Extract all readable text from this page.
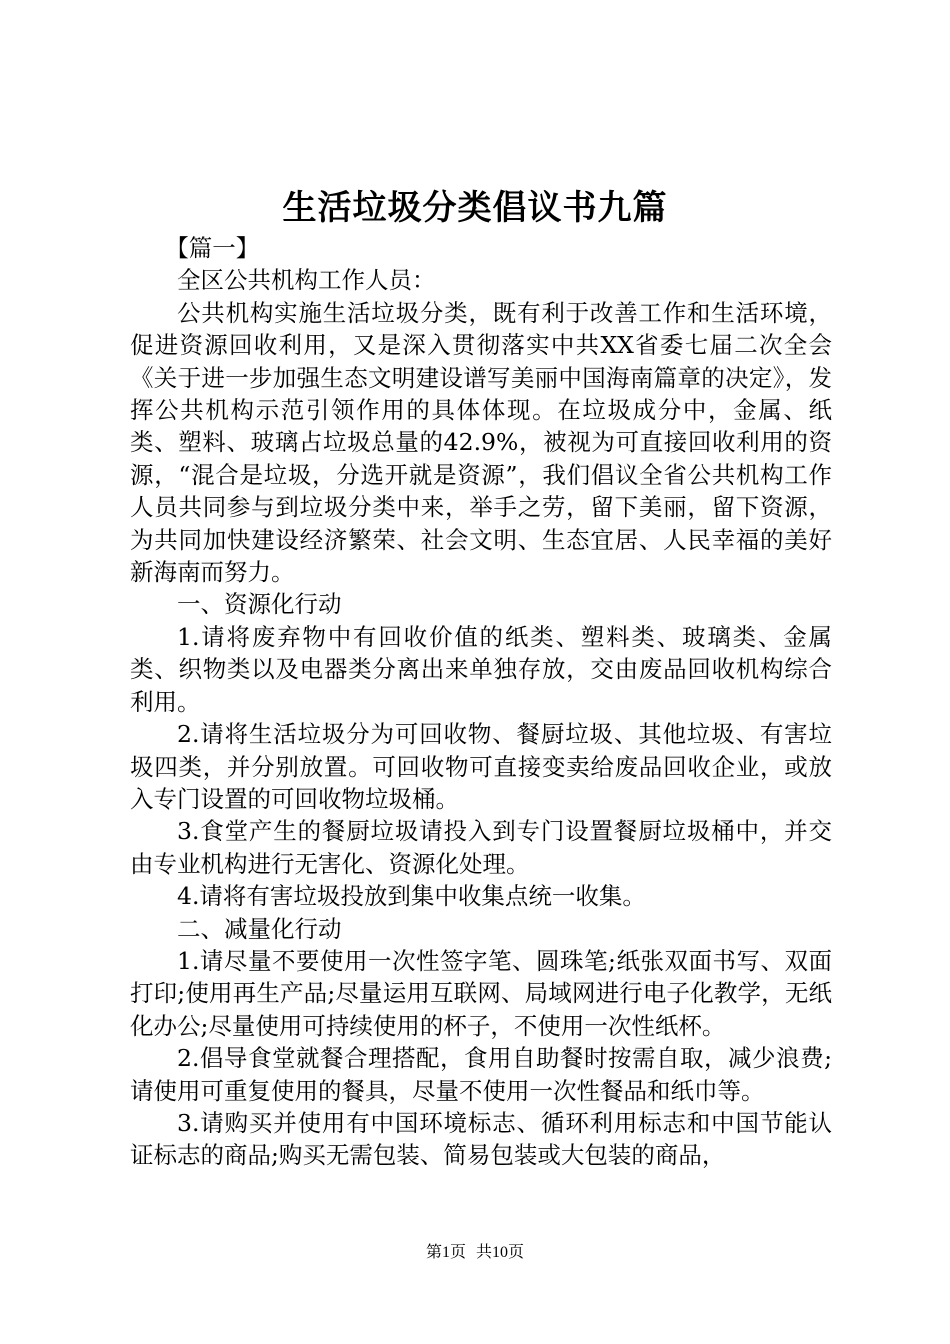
生活垃圾分类倡议书九篇

【篇一】

全区公共机构工作人员：

公共机构实施生活垃圾分类，既有利于改善工作和生活环境，促进资源回收利用，又是深入贯彻落实中共XX省委七届二次全会《关于进一步加强生态文明建设谱写美丽中国海南篇章的决定》，发挥公共机构示范引领作用的具体体现。在垃圾成分中，金属、纸类、塑料、玻璃占垃圾总量的42.9%，被视为可直接回收利用的资源，“混合是垃圾，分选开就是资源”，我们倡议全省公共机构工作人员共同参与到垃圾分类中来，举手之劳，留下美丽，留下资源，为共同加快建设经济繁荣、社会文明、生态宜居、人民幸福的美好新海南而努力。

一、资源化行动

1.请将废弃物中有回收价值的纸类、塑料类、玻璃类、金属类、织物类以及电器类分离出来单独存放，交由废品回收机构综合利用。

2.请将生活垃圾分为可回收物、餐厨垃圾、其他垃圾、有害垃圾四类，并分别放置。可回收物可直接变卖给废品回收企业，或放入专门设置的可回收物垃圾桶。

3.食堂产生的餐厨垃圾请投入到专门设置餐厨垃圾桶中，并交由专业机构进行无害化、资源化处理。

4.请将有害垃圾投放到集中收集点统一收集。

二、减量化行动

1.请尽量不要使用一次性签字笔、圆珠笔;纸张双面书写、双面打印;使用再生产品;尽量运用互联网、局域网进行电子化教学，无纸化办公;尽量使用可持续使用的杯子，不使用一次性纸杯。

2.倡导食堂就餐合理搭配，食用自助餐时按需自取，减少浪费;请使用可重复使用的餐具，尽量不使用一次性餐品和纸巾等。

3.请购买并使用有中国环境标志、循环利用标志和中国节能认证标志的商品;购买无需包装、简易包装或大包装的商品，

第1页 共10页
